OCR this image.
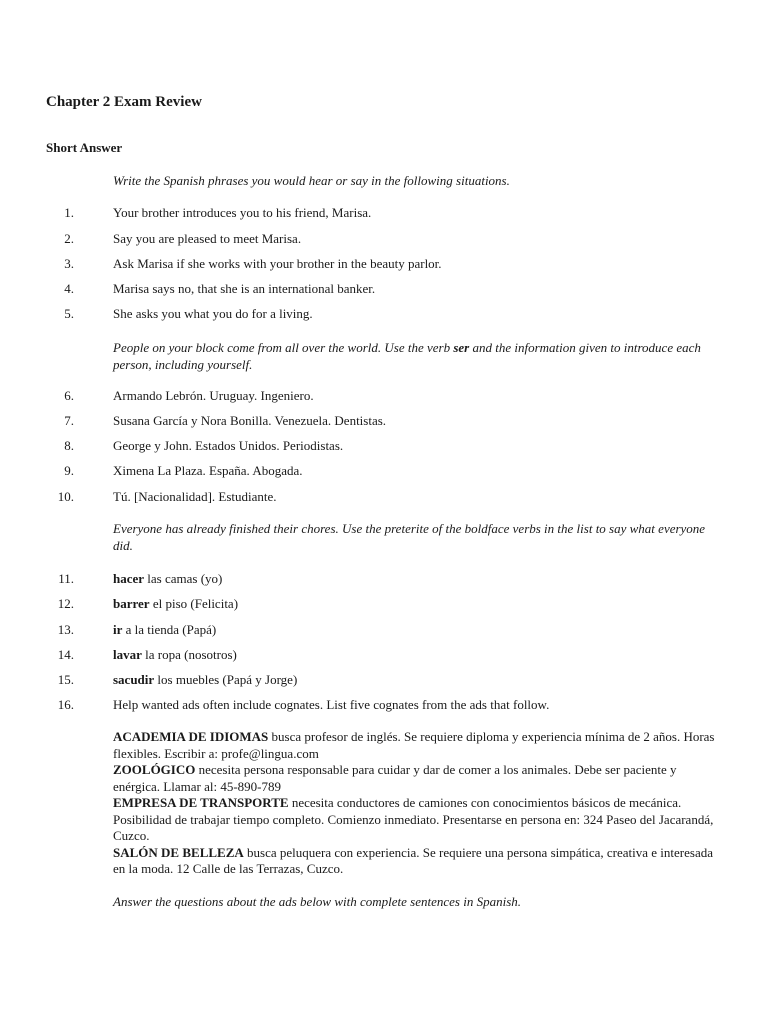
Chapter 2 Exam Review
Short Answer
Write the Spanish phrases you would hear or say in the following situations.
1.	Your brother introduces you to his friend, Marisa.
2.	Say you are pleased to meet Marisa.
3.	Ask Marisa if she works with your brother in the beauty parlor.
4.	Marisa says no, that she is an international banker.
5.	She asks you what you do for a living.
People on your block come from all over the world. Use the verb ser and the information given to introduce each person, including yourself.
6.	Armando Lebrón. Uruguay. Ingeniero.
7.	Susana García y Nora Bonilla. Venezuela. Dentistas.
8.	George y John. Estados Unidos. Periodistas.
9.	Ximena La Plaza. España. Abogada.
10.	Tú. [Nacionalidad]. Estudiante.
Everyone has already finished their chores. Use the preterite of the boldface verbs in the list to say what everyone did.
11.	hacer las camas (yo)
12.	barrer el piso (Felicita)
13.	ir a la tienda (Papá)
14.	lavar la ropa (nosotros)
15.	sacudir los muebles (Papá y Jorge)
16.	Help wanted ads often include cognates. List five cognates from the ads that follow.
ACADEMIA DE IDIOMAS busca profesor de inglés. Se requiere diploma y experiencia mínima de 2 años. Horas flexibles. Escribir a: profe@lingua.com
ZOOLÓGICO necesita persona responsable para cuidar y dar de comer a los animales. Debe ser paciente y enérgica. Llamar al: 45-890-789
EMPRESA DE TRANSPORTE necesita conductores de camiones con conocimientos básicos de mecánica. Posibilidad de trabajar tiempo completo. Comienzo inmediato. Presentarse en persona en: 324 Paseo del Jacarandá, Cuzco.
SALÓN DE BELLEZA busca peluquera con experiencia. Se requiere una persona simpática, creativa e interesada en la moda. 12 Calle de las Terrazas, Cuzco.
Answer the questions about the ads below with complete sentences in Spanish.
